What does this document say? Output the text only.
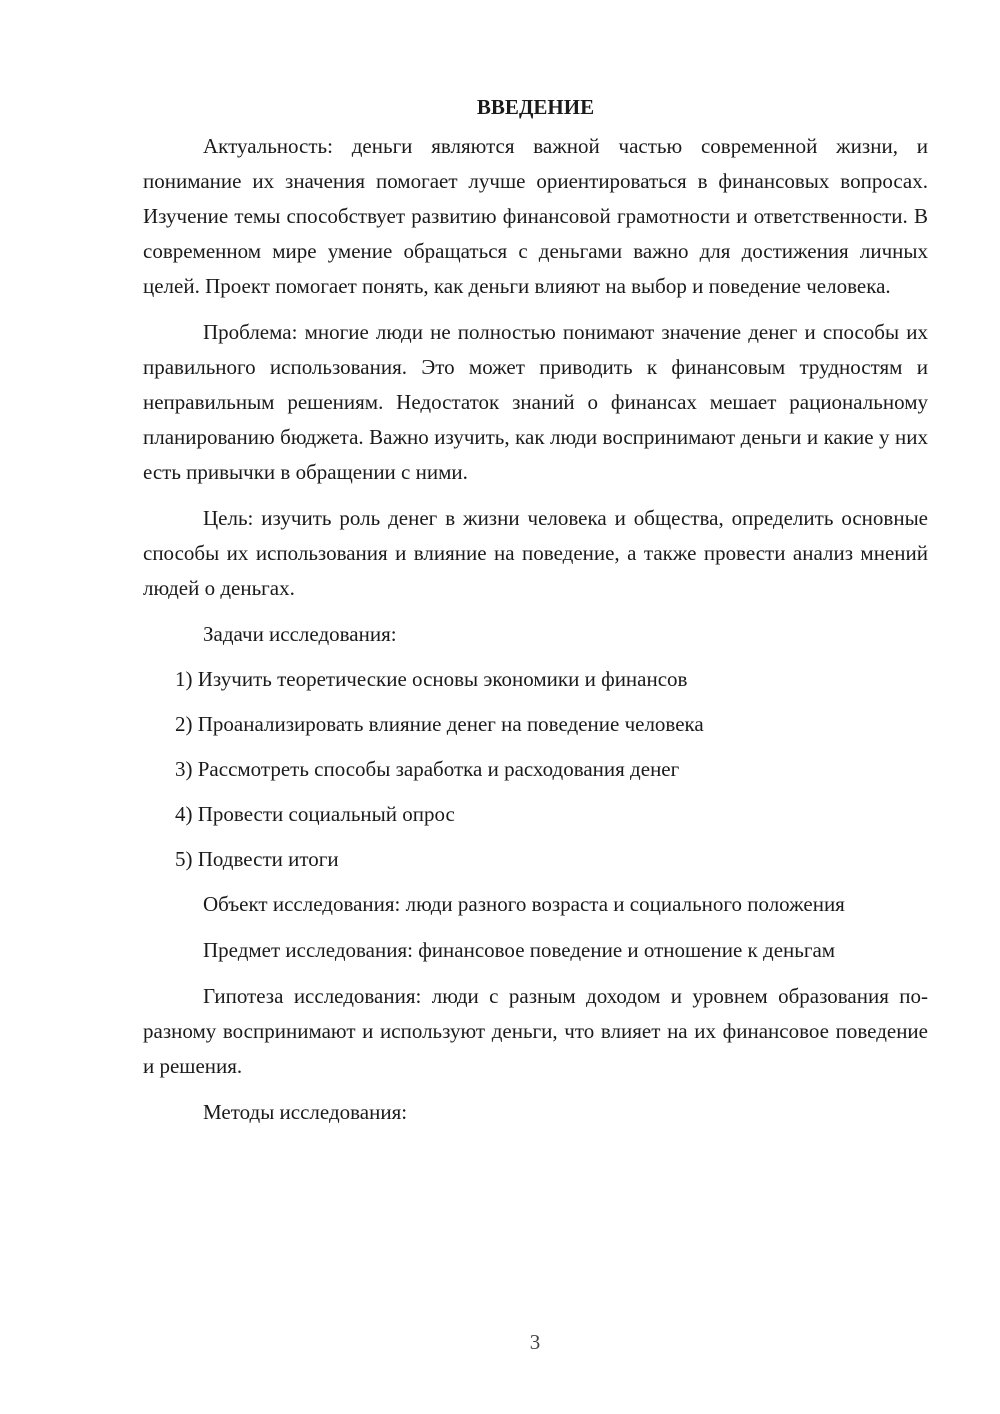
ВВЕДЕНИЕ

Актуальность: деньги являются важной частью современной жизни, и понимание их значения помогает лучше ориентироваться в финансовых вопросах. Изучение темы способствует развитию финансовой грамотности и ответственности. В современном мире умение обращаться с деньгами важно для достижения личных целей. Проект помогает понять, как деньги влияют на выбор и поведение человека.

Проблема: многие люди не полностью понимают значение денег и способы их правильного использования. Это может приводить к финансовым трудностям и неправильным решениям. Недостаток знаний о финансах мешает рациональному планированию бюджета. Важно изучить, как люди воспринимают деньги и какие у них есть привычки в обращении с ними.

Цель: изучить роль денег в жизни человека и общества, определить основные способы их использования и влияние на поведение, а также провести анализ мнений людей о деньгах.

Задачи исследования:

1) Изучить теоретические основы экономики и финансов
2) Проанализировать влияние денег на поведение человека
3) Рассмотреть способы заработка и расходования денег
4) Провести социальный опрос
5) Подвести итоги

Объект исследования: люди разного возраста и социального положения

Предмет исследования: финансовое поведение и отношение к деньгам

Гипотеза исследования: люди с разным доходом и уровнем образования по-разному воспринимают и используют деньги, что влияет на их финансовое поведение и решения.

Методы исследования:

3
